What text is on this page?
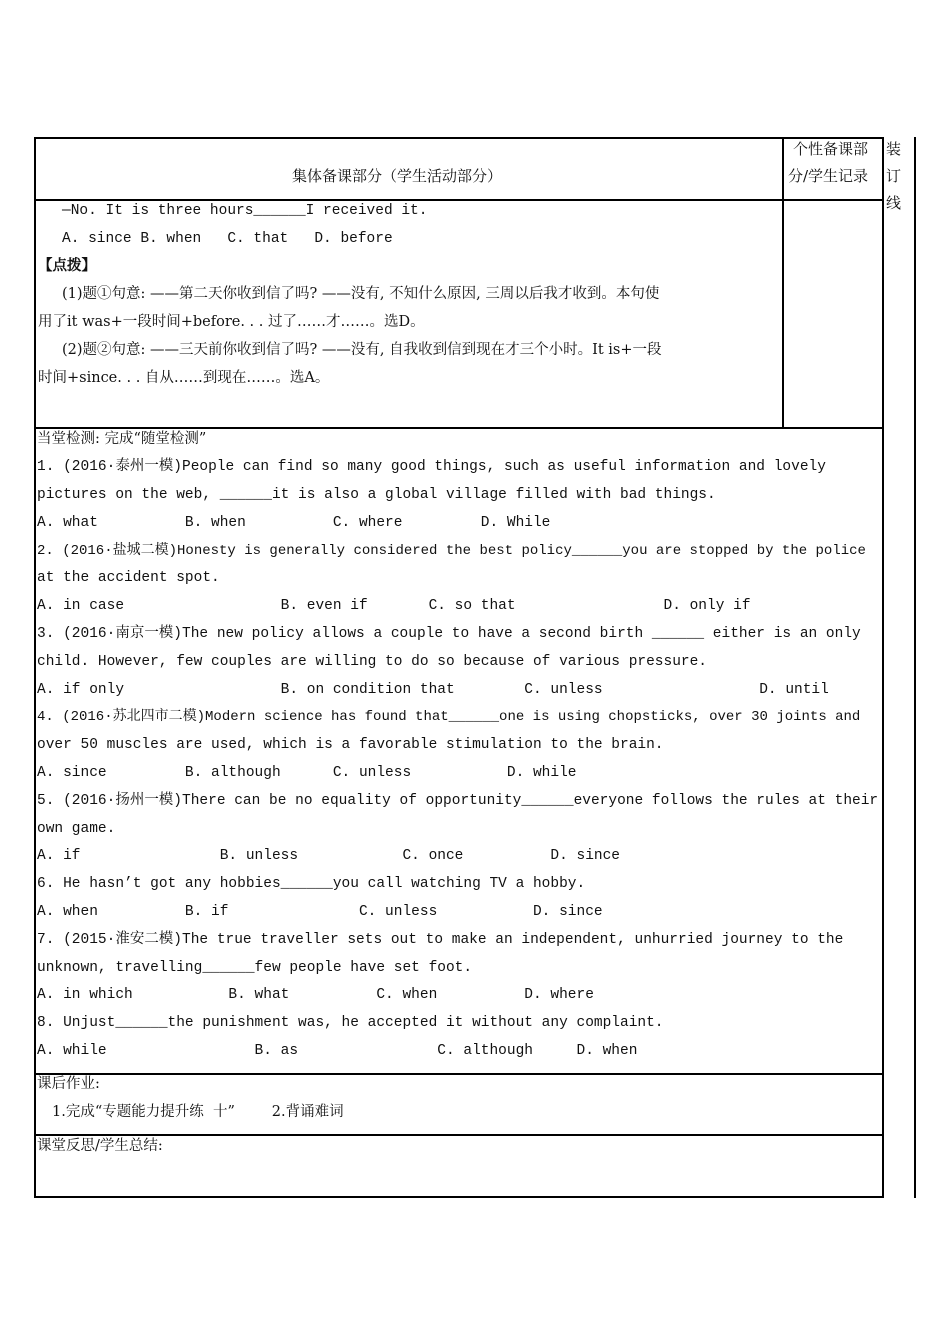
集体备课部分（学生活动部分）
个性备课部
分/学生记录
装
订
线
—No. It is three hours______I received it.
A. since B. when   C. that   D. before
【点拨】
(1)题①句意: ——第二天你收到信了吗? ——没有, 不知什么原因, 三周以后我才收到。本句使
用了it was+一段时间+before. . . 过了……才……。选D。
(2)题②句意: ——三天前你收到信了吗? ——没有, 自我收到信到现在才三个小时。It is+一段
时间+since. . . 自从……到现在……。选A。
当堂检测: 完成“随堂检测”
1. (2016·泰州一模)People can find so many good things, such as useful information and lovely
pictures on the web, ______it is also a global village filled with bad things.
A. what          B. when          C. where         D. While
2. (2016·盐城二模)Honesty is generally considered the best policy______you are stopped by the police
at the accident spot.
A. in case                  B. even if       C. so that                 D. only if
3. (2016·南京一模)The new policy allows a couple to have a second birth ______ either is an only
child. However, few couples are willing to do so because of various pressure.
A. if only                  B. on condition that        C. unless                  D. until
4. (2016·苏北四市二模)Modern science has found that______one is using chopsticks, over 30 joints and
over 50 muscles are used, which is a favorable stimulation to the brain.
A. since         B. although      C. unless           D. while
5. (2016·扬州一模)There can be no equality of opportunity______everyone follows the rules at their
own game.
A. if                B. unless            C. once          D. since
6. He hasn’t got any hobbies______you call watching TV a hobby.
A. when          B. if               C. unless           D. since
7. (2015·淮安二模)The true traveller sets out to make an independent, unhurried journey to the
unknown, travelling______few people have set foot.
A. in which           B. what          C. when          D. where
8. Unjust______the punishment was, he accepted it without any complaint.
A. while                 B. as                C. although     D. when
课后作业:
1.完成“专题能力提升练  十”        2.背诵难词
课堂反思/学生总结:
